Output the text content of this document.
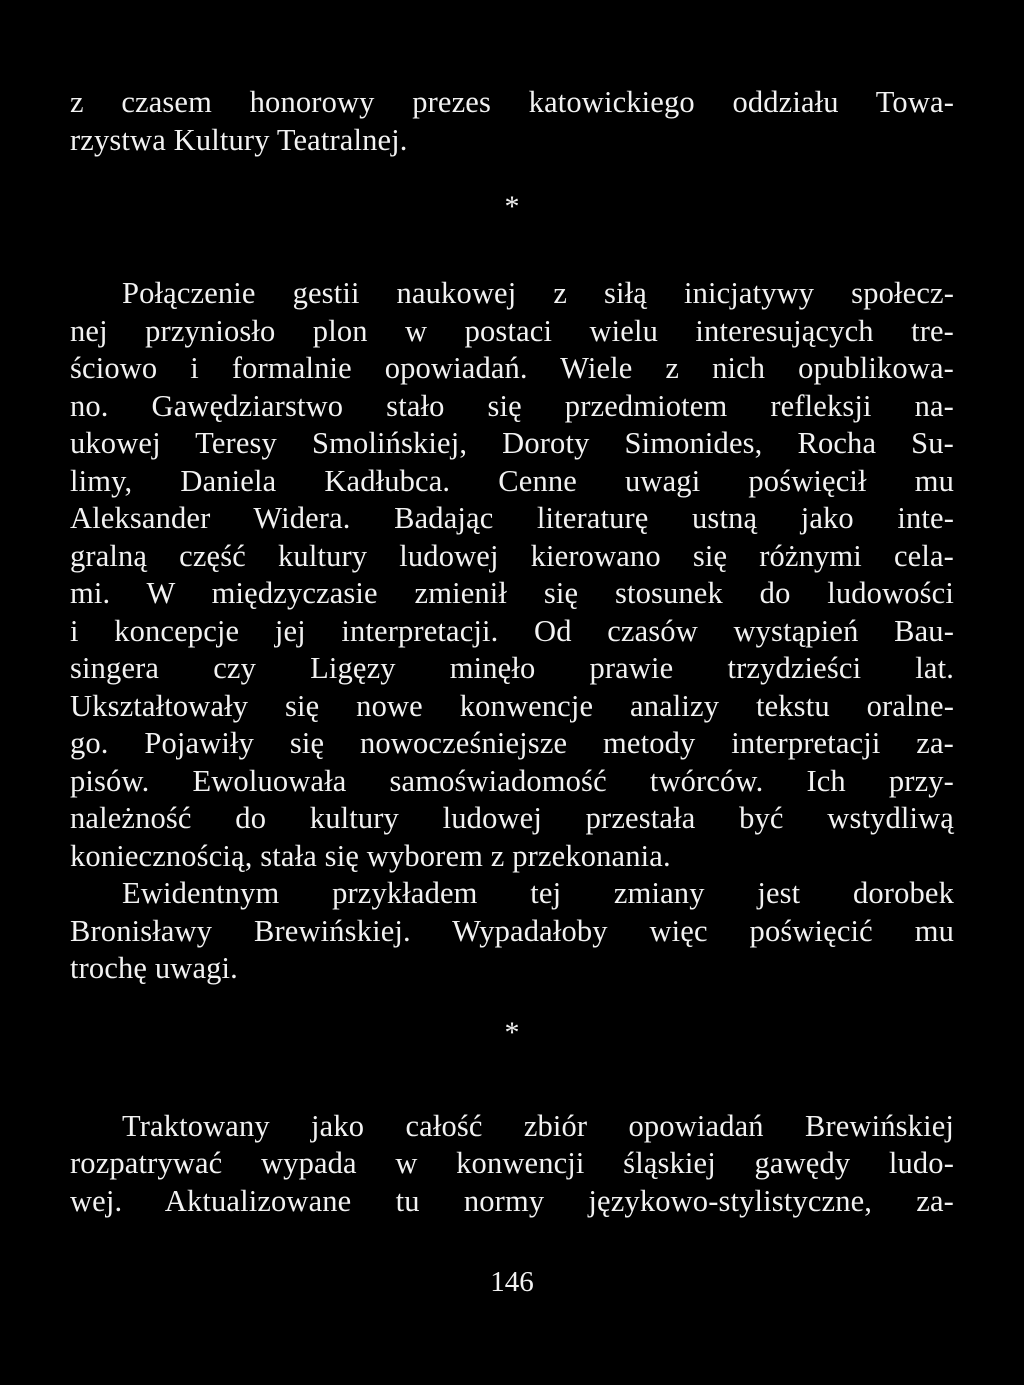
z czasem honorowy prezes katowickiego oddziału Towa-
rzystwa Kultury Teatralnej.
*
Połączenie gestii naukowej z siłą inicjatywy społecz-
nej przyniosło plon w postaci wielu interesujących tre-
ściowo i formalnie opowiadań. Wiele z nich opublikowa-
no. Gawędziarstwo stało się przedmiotem refleksji na-
ukowej Teresy Smolińskiej, Doroty Simonides, Rocha Su-
limy, Daniela Kadłubca. Cenne uwagi poświęcił mu
Aleksander Widera. Badając literaturę ustną jako inte-
gralną część kultury ludowej kierowano się różnymi cela-
mi. W międzyczasie zmienił się stosunek do ludowości
i koncepcje jej interpretacji. Od czasów wystąpień Bau-
singera czy Ligęzy minęło prawie trzydzieści lat.
Ukształtowały się nowe konwencje analizy tekstu oralne-
go. Pojawiły się nowocześniejsze metody interpretacji za-
pisów. Ewoluowała samoświadomość twórców. Ich przy-
należność do kultury ludowej przestała być wstydliwą
koniecznością, stała się wyborem z przekonania.
Ewidentnym przykładem tej zmiany jest dorobek
Bronisławy Brewińskiej. Wypadałoby więc poświęcić mu
trochę uwagi.
*
Traktowany jako całość zbiór opowiadań Brewińskiej
rozpatrywać wypada w konwencji śląskiej gawędy ludo-
wej. Aktualizowane tu normy językowo-stylistyczne, za-
146
